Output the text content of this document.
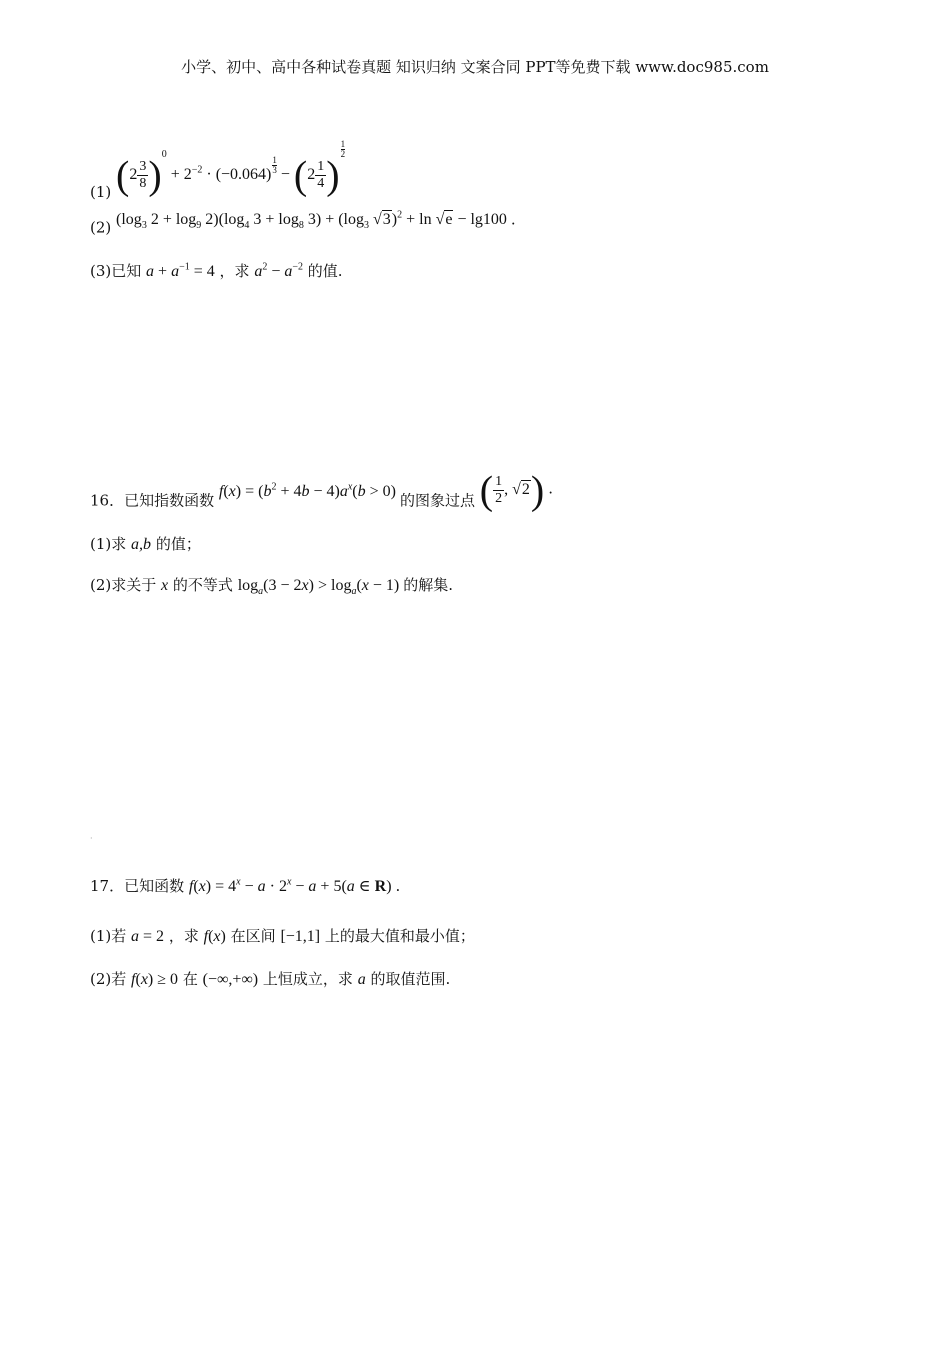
小学、初中、高中各种试卷真题 知识归纳 文案合同 PPT等免费下载 www.doc985.com
(1) $(2 \frac{3}{8} )^0 + 2^{-2} \cdot (-0.064) \frac{1}{3} - (2 \frac{1}{4}$ )
$\frac{1}{2}$
(2) ($\log_3$ $2 + \log_9 2)(\log_4$ $3 + \log_8 3) + (\log_3$ √3)$^2$ + ln √e − lg100 .
(3)已知 $a + a^{-1} = 4$ ，求 $a^2 - a^{-2}$ 的值.
16．已知指数函数 $f(x) = (b^2 + 4b - 4)a^x(b > 0)$ 的图象过点 ( $\frac{1}{2}$ , √2) .
(1)求 a,b 的值；
(2)求关于 x 的不等式 $\log_a(3 - 2x) > \log_a(x - 1)$ 的解集.
·
17．已知函数 $f(x) = 4^x - a \cdot 2^x - a + 5(a$ ∈ R) .
(1)若 a = 2 ，求 f(x) 在区间 [−1,1] 上的最大值和最小值；
(2)若 f(x) ≥ 0 在 (−∞,+∞) 上恒成立，求 a 的取值范围.
